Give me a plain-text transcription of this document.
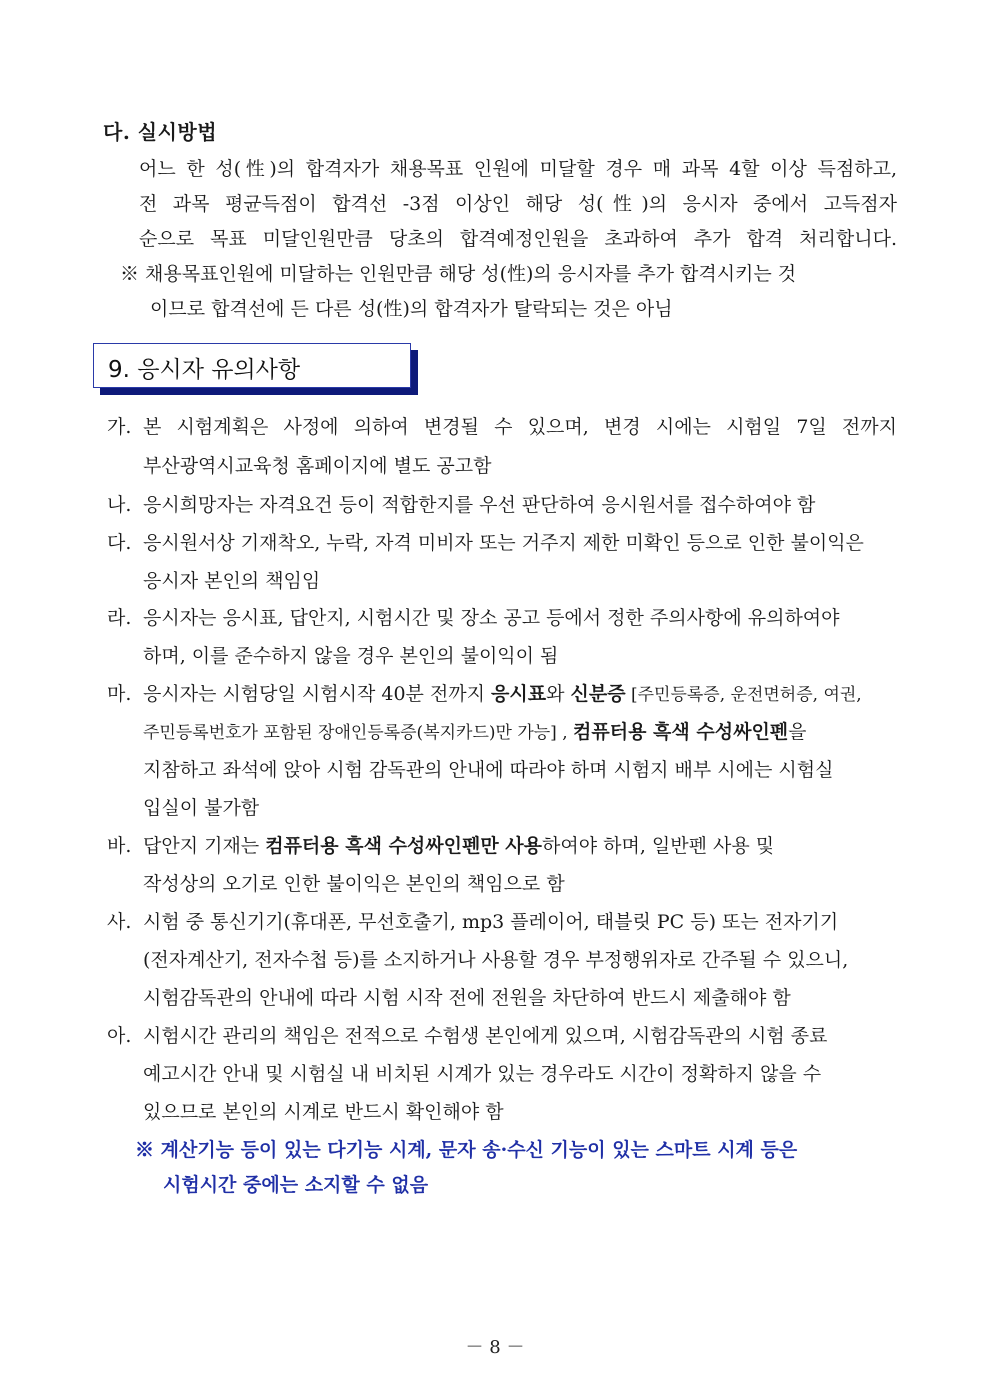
다. 실시방법
어느 한 성(性)의 합격자가 채용목표 인원에 미달할 경우 매 과목 4할 이상 득점하고,
전 과목 평균득점이 합격선 -3점 이상인 해당 성(性)의 응시자 중에서 고득점자
순으로 목표 미달인원만큼 당초의 합격예정인원을 초과하여 추가 합격 처리합니다.
※ 채용목표인원에 미달하는 인원만큼 해당 성(性)의 응시자를 추가 합격시키는 것
이므로 합격선에 든 다른 성(性)의 합격자가 탈락되는 것은 아님
9. 응시자 유의사항
가. 본 시험계획은 사정에 의하여 변경될 수 있으며, 변경 시에는 시험일 7일 전까지
부산광역시교육청 홈페이지에 별도 공고함
나. 응시희망자는 자격요건 등이 적합한지를 우선 판단하여 응시원서를 접수하여야 함
다. 응시원서상 기재착오, 누락, 자격 미비자 또는 거주지 제한 미확인 등으로 인한 불이익은
응시자 본인의 책임임
라. 응시자는 응시표, 답안지, 시험시간 및 장소 공고 등에서 정한 주의사항에 유의하여야
하며, 이를 준수하지 않을 경우 본인의 불이익이 됨
마. 응시자는 시험당일 시험시작 40분 전까지 응시표와 신분증 [주민등록증, 운전면허증, 여권,
주민등록번호가 포함된 장애인등록증(복지카드)만 가능] , 컴퓨터용 흑색 수성싸인펜을
지참하고 좌석에 앉아 시험 감독관의 안내에 따라야 하며 시험지 배부 시에는 시험실
입실이 불가함
바. 답안지 기재는 컴퓨터용 흑색 수성싸인펜만 사용하여야 하며, 일반펜 사용 및
작성상의 오기로 인한 불이익은 본인의 책임으로 함
사. 시험 중 통신기기(휴대폰, 무선호출기, mp3 플레이어, 태블릿 PC 등) 또는 전자기기
(전자계산기, 전자수첩 등)를 소지하거나 사용할 경우 부정행위자로 간주될 수 있으니,
시험감독관의 안내에 따라 시험 시작 전에 전원을 차단하여 반드시 제출해야 함
아. 시험시간 관리의 책임은 전적으로 수험생 본인에게 있으며, 시험감독관의 시험 종료
예고시간 안내 및 시험실 내 비치된 시계가 있는 경우라도 시간이 정확하지 않을 수
있으므로 본인의 시계로 반드시 확인해야 함
※ 계산기능 등이 있는 다기능 시계, 문자 송·수신 기능이 있는 스마트 시계 등은
시험시간 중에는 소지할 수 없음
－ 8 －
